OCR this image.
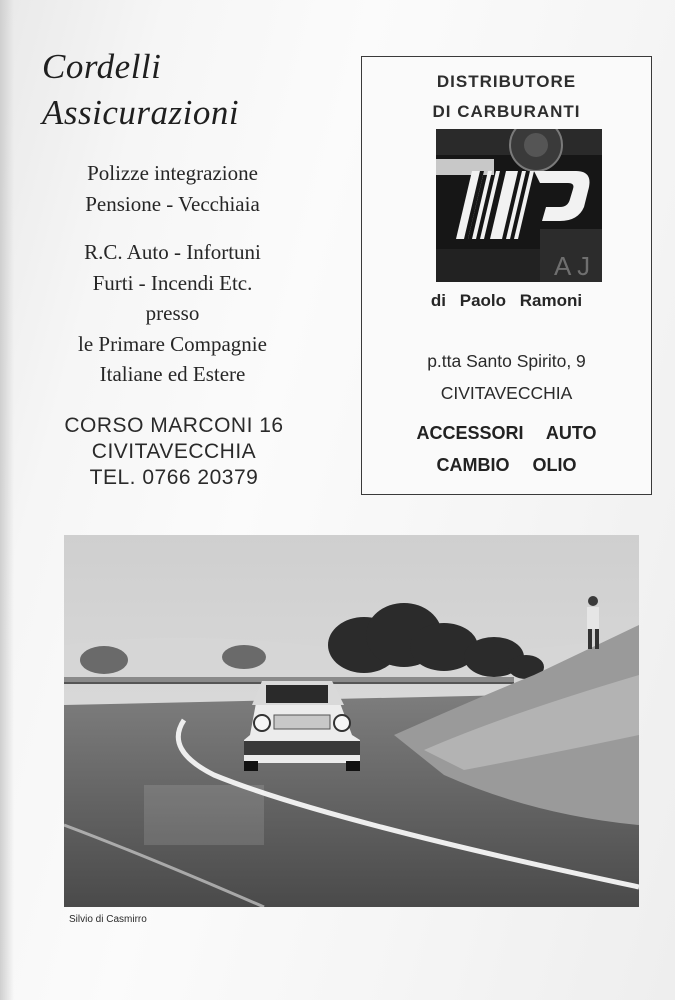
Cordelli
Assicurazioni
Polizze integrazione
Pensione - Vecchiaia
R.C. Auto - Infortuni
Furti - Incendi Etc.
presso
le Primare Compagnie
Italiane ed Estere
CORSO MARCONI 16
CIVITAVECCHIA
TEL. 0766 20379
DISTRIBUTORE
DI CARBURANTI
A J
di Paolo Ramoni
p.tta Santo Spirito, 9
CIVITAVECCHIA
ACCESSORI AUTO
CAMBIO OLIO
Silvio di Casmirro
